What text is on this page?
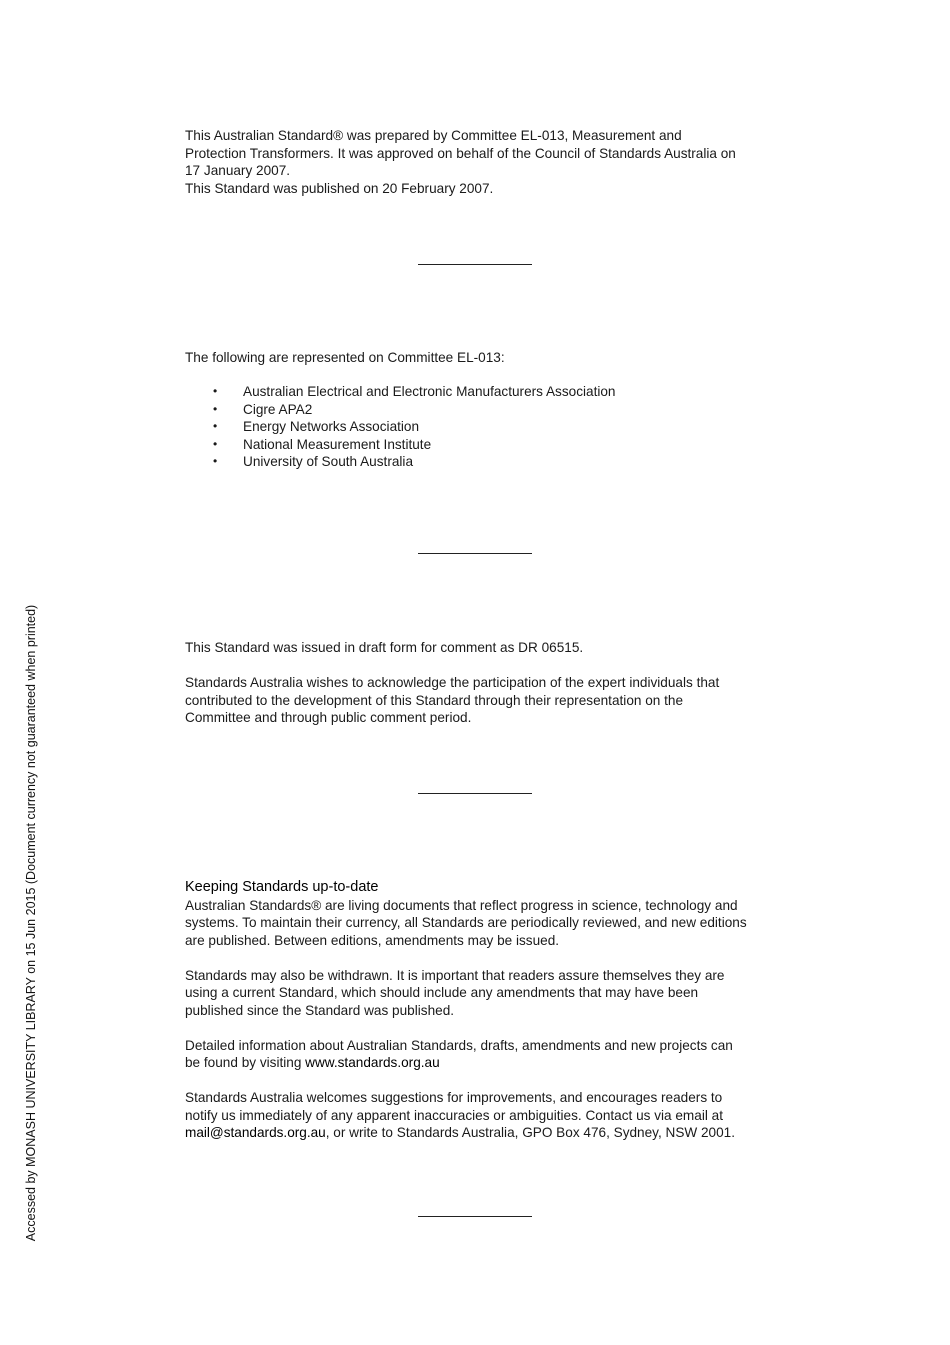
This Australian Standard® was prepared by Committee EL-013, Measurement and

Protection Transformers. It was approved on behalf of the Council of Standards Australia on

17 January 2007.

This Standard was published on 20 February 2007.

The following are represented on Committee EL-013:

• Australian Electrical and Electronic Manufacturers Association
• Cigre APA2
• Energy Networks Association
• National Measurement Institute
• University of South Australia

This Standard was issued in draft form for comment as DR 06515.

Standards Australia wishes to acknowledge the participation of the expert individuals that

contributed to the development of this Standard through their representation on the

Committee and through public comment period.

Keeping Standards up-to-date

Australian Standards® are living documents that reflect progress in science, technology and

systems. To maintain their currency, all Standards are periodically reviewed, and new editions

are published. Between editions, amendments may be issued.

Standards may also be withdrawn. It is important that readers assure themselves they are

using a current Standard, which should include any amendments that may have been

published since the Standard was published.

Detailed information about Australian Standards, drafts, amendments and new projects can

be found by visiting www.standards.org.au

Standards Australia welcomes suggestions for improvements, and encourages readers to

notify us immediately of any apparent inaccuracies or ambiguities. Contact us via email at

mail@standards.org.au, or write to Standards Australia, GPO Box 476, Sydney, NSW 2001.

Accessed by MONASH UNIVERSITY LIBRARY on 15 Jun 2015 (Document currency not guaranteed when printed)
